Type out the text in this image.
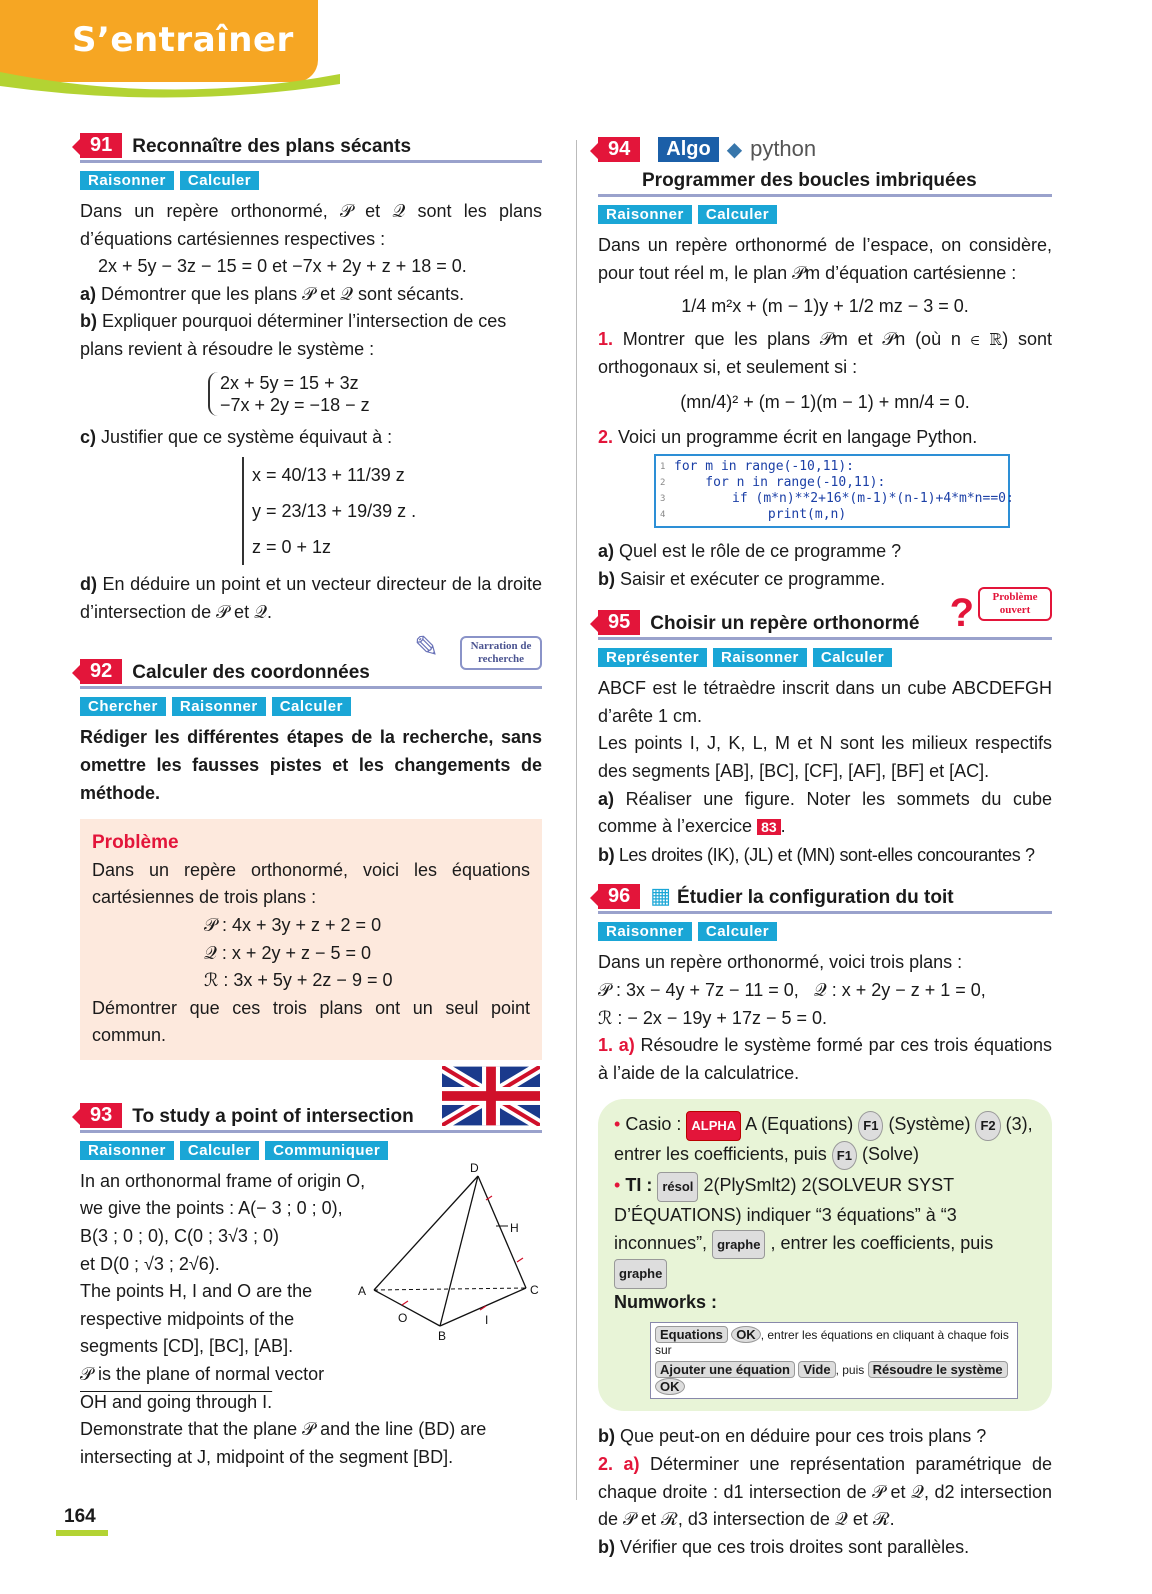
S’entraîner
91	Reconnaître des plans sécants
Raisonner	Calculer

Dans un repère orthonormé, 𝒫 et 𝒬 sont les plans d’équations cartésiennes respectives :

2x + 5y − 3z − 15 = 0 et −7x + 2y + z + 18 = 0.

a) Démontrer que les plans 𝒫 et 𝒬 sont sécants.

b) Expliquer pourquoi déterminer l’intersection de ces plans revient à résoudre le système :

2x + 5y = 15 + 3z
−7x + 2y = −18 − z

c) Justifier que ce système équivaut à :

x = 40/13 + 11/39 z
y = 23/13 + 19/39 z .
z = 0 + 1z

d) En déduire un point et un vecteur directeur de la droite d’intersection de 𝒫 et 𝒬.

92	Calculer des coordonnées
✎	Narration de recherche
Chercher	Raisonner	Calculer

Rédiger les différentes étapes de la recherche, sans omettre les fausses pistes et les changements de méthode.

Problème

Dans un repère orthonormé, voici les équations cartésiennes de trois plans :

𝒫 : 4x + 3y + z + 2 = 0

𝒬 : x + 2y + z − 5 = 0

ℛ : 3x + 5y + 2z − 9 = 0

Démontrer que ces trois plans ont un seul point commun.

93	To study a point of intersection
Raisonner	Calculer	Communiquer

In an orthonormal frame of origin O,

we give the points : A(− 3 ; 0 ; 0),

B(3 ; 0 ; 0), C(0 ; 3√3 ; 0)

et D(0 ; √3 ; 2√6).

The points H, I and O are the

respective midpoints of the

segments [CD], [BC], [AB].

𝒫 is the plane of normal vector

OH and going through I.

Demonstrate that the plane 𝒫 and the line (BD) are intersecting at J, midpoint of the segment [BD].

D
H
A	C
O
B
I
94	Algo ◆ python
Programmer des boucles imbriquées
Raisonner	Calculer

Dans un repère orthonormé de l’espace, on considère, pour tout réel m, le plan 𝒫m d’équation cartésienne :

1/4 m²x + (m − 1)y + 1/2 mz − 3 = 0.

1. Montrer que les plans 𝒫m et 𝒫n (où n ∈ ℝ) sont orthogonaux si, et seulement si :

(mn/4)² + (m − 1)(m − 1) + mn/4 = 0.

2. Voici un programme écrit en langage Python.

1 for m in range(-10,11):
2 for n in range(-10,11):
3 if (m*n)**2+16*(m-1)*(n-1)+4*m*n==0:
4 print(m,n)

a) Quel est le rôle de ce programme ?

b) Saisir et exécuter ce programme.

95	Choisir un repère orthonormé ?	Problème ouvert
Représenter	Raisonner	Calculer

ABCF est le tétraèdre inscrit dans un cube ABCDEFGH d’arête 1 cm.

Les points I, J, K, L, M et N sont les milieux respectifs des segments [AB], [BC], [CF], [AF], [BF] et [AC].

a) Réaliser une figure. Noter les sommets du cube comme à l’exercice 83 .

b) Les droites (IK), (JL) et (MN) sont-elles concourantes ?

96 ▦ Étudier la configuration du toit
Raisonner	Calculer

Dans un repère orthonormé, voici trois plans :

𝒫 : 3x − 4y + 7z − 11 = 0,   𝒬 : x + 2y − z + 1 = 0,

ℛ : − 2x − 19y + 17z − 5 = 0.

1. a) Résoudre le système formé par ces trois équations à l’aide de la calculatrice.

• Casio : ALPHA A (Equations) F1 (Système) F2 (3), entrer les coefficients, puis F1 (Solve)

• TI : résol 2(PlySmlt2) 2(SOLVEUR SYST D’ÉQUATIONS) indiquer “3 équations” à “3 inconnues”, graphe , entrer les coefficients, puis graphe

Numworks :

Equations OK , entrer les équations en cliquant à chaque fois sur
Ajouter une équation Vide , puis Résoudre le système OK

b) Que peut-on en déduire pour ces trois plans ?

2. a) Déterminer une représentation paramétrique de chaque droite : d1 intersection de 𝒫 et 𝒬, d2 intersection de 𝒫 et ℛ, d3 intersection de 𝒬 et ℛ.

b) Vérifier que ces trois droites sont parallèles.

164
